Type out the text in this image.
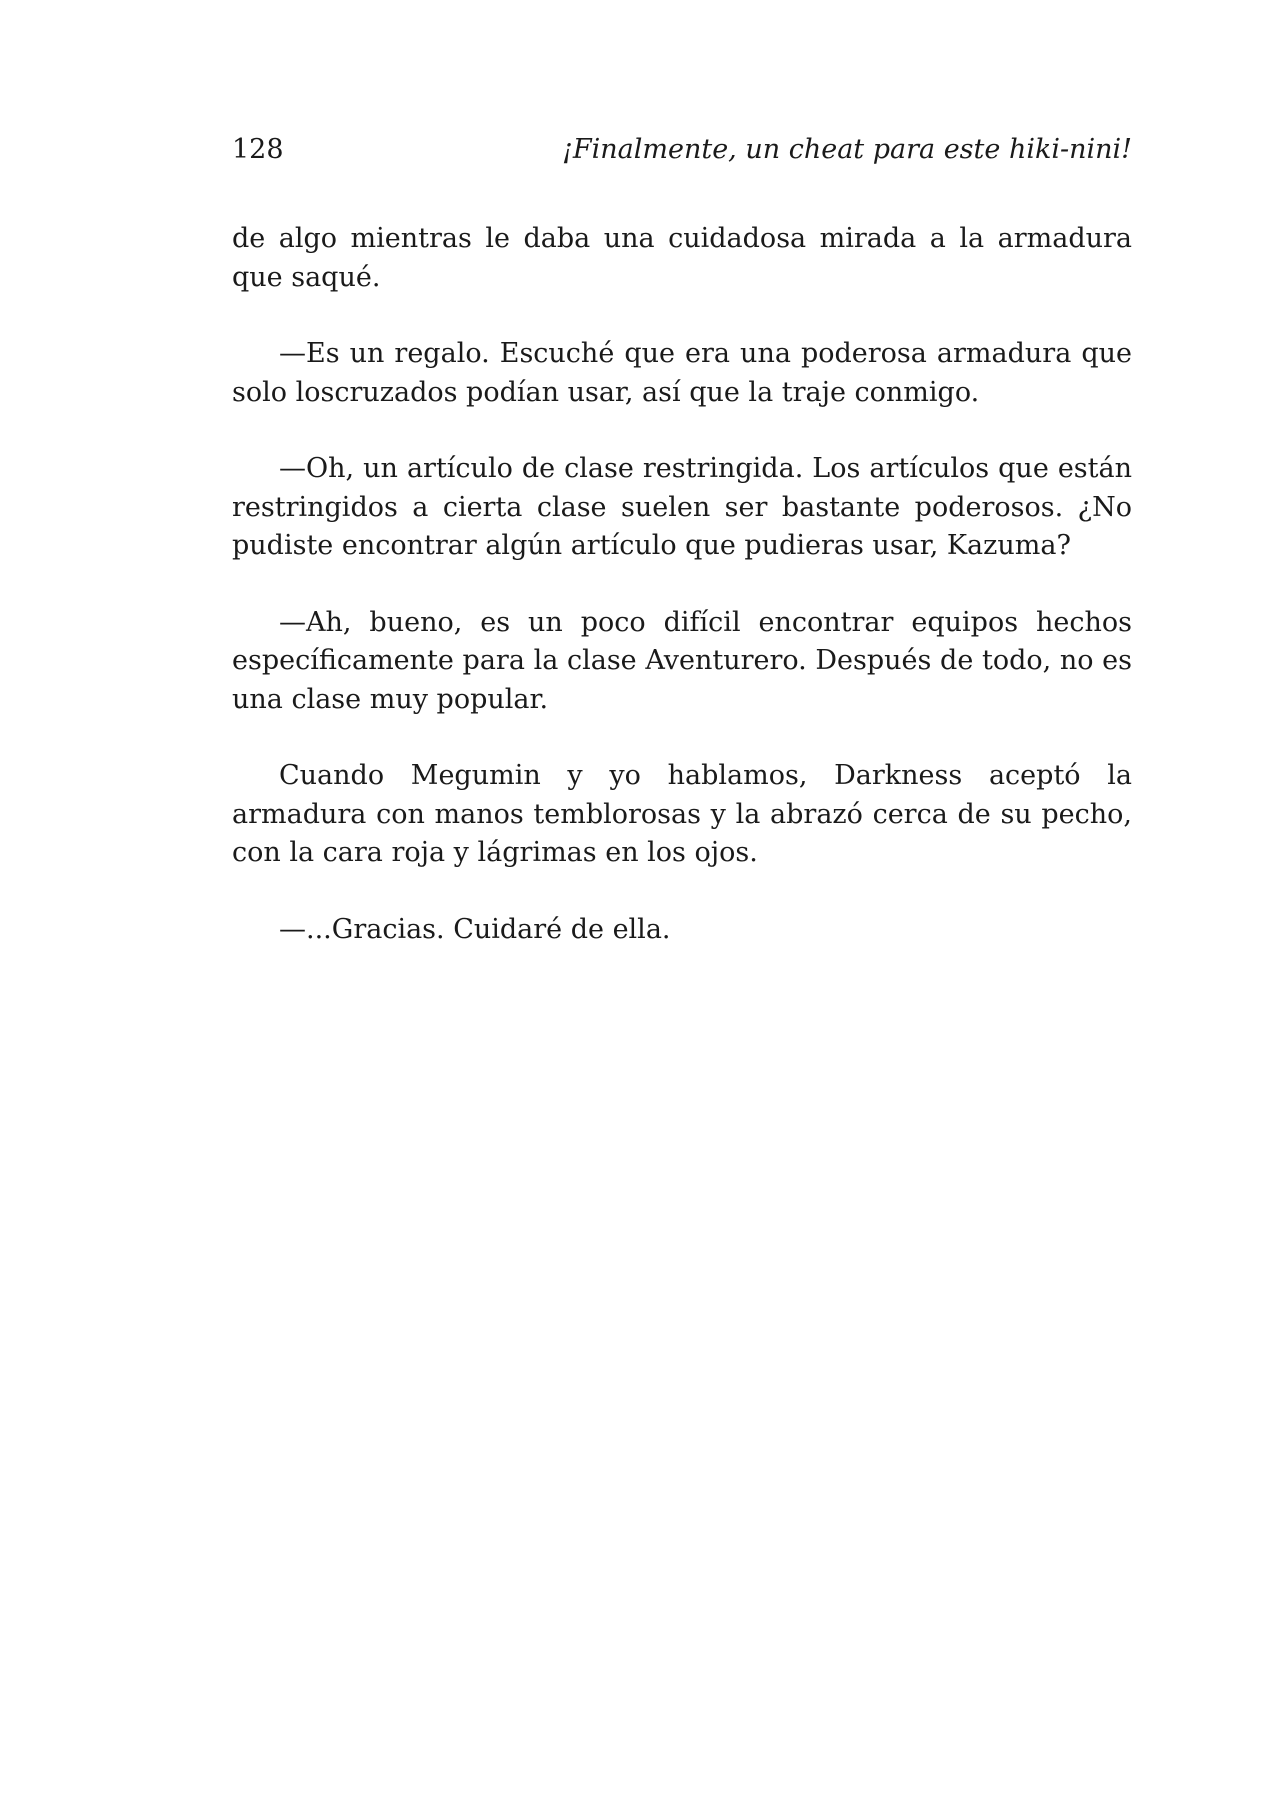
128	¡Finalmente, un cheat para este hiki-nini!

de algo mientras le daba una cuidadosa mirada a la armadura que saqué.

—Es un regalo. Escuché que era una poderosa armadura que solo loscruzados podían usar, así que la traje conmigo.

—Oh, un artículo de clase restringida. Los artículos que están restringidos a cierta clase suelen ser bastante poderosos. ¿No pudiste encontrar algún artículo que pudieras usar, Kazuma?

—Ah, bueno, es un poco difícil encontrar equipos hechos específicamente para la clase Aventurero. Después de todo, no es una clase muy popular.

Cuando Megumin y yo hablamos, Darkness aceptó la armadura con manos temblorosas y la abrazó cerca de su pecho, con la cara roja y lágrimas en los ojos.

—...Gracias. Cuidaré de ella.
